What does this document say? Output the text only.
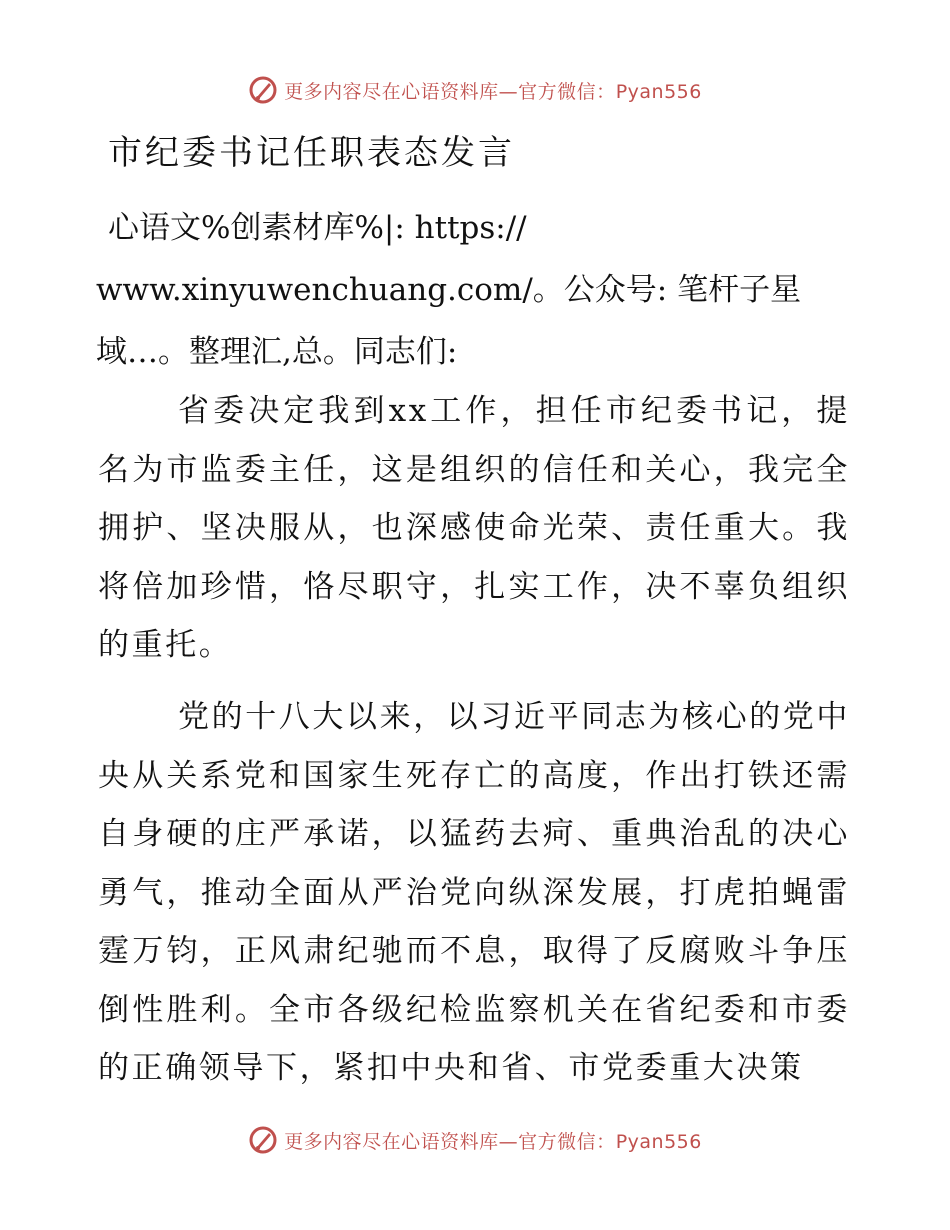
更多内容尽在心语资料库—官方微信：Pyan556
市纪委书记任职表态发言
心语文%创素材库%|: https://
www.xinyuwenchuang.com/。公众号: 笔杆子星
域…。整理汇,总。同志们:

省委决定我到xx工作，担任市纪委书记，提名为市监委主任，这是组织的信任和关心，我完全拥护、坚决服从，也深感使命光荣、责任重大。我将倍加珍惜，恪尽职守，扎实工作，决不辜负组织的重托。

党的十八大以来，以习近平同志为核心的党中央从关系党和国家生死存亡的高度，作出打铁还需自身硬的庄严承诺，以猛药去疴、重典治乱的决心勇气，推动全面从严治党向纵深发展，打虎拍蝇雷霆万钧，正风肃纪驰而不息，取得了反腐败斗争压倒性胜利。全市各级纪检监察机关在省纪委和市委的正确领导下，紧扣中央和省、市党委重大决策

更多内容尽在心语资料库—官方微信：Pyan556
